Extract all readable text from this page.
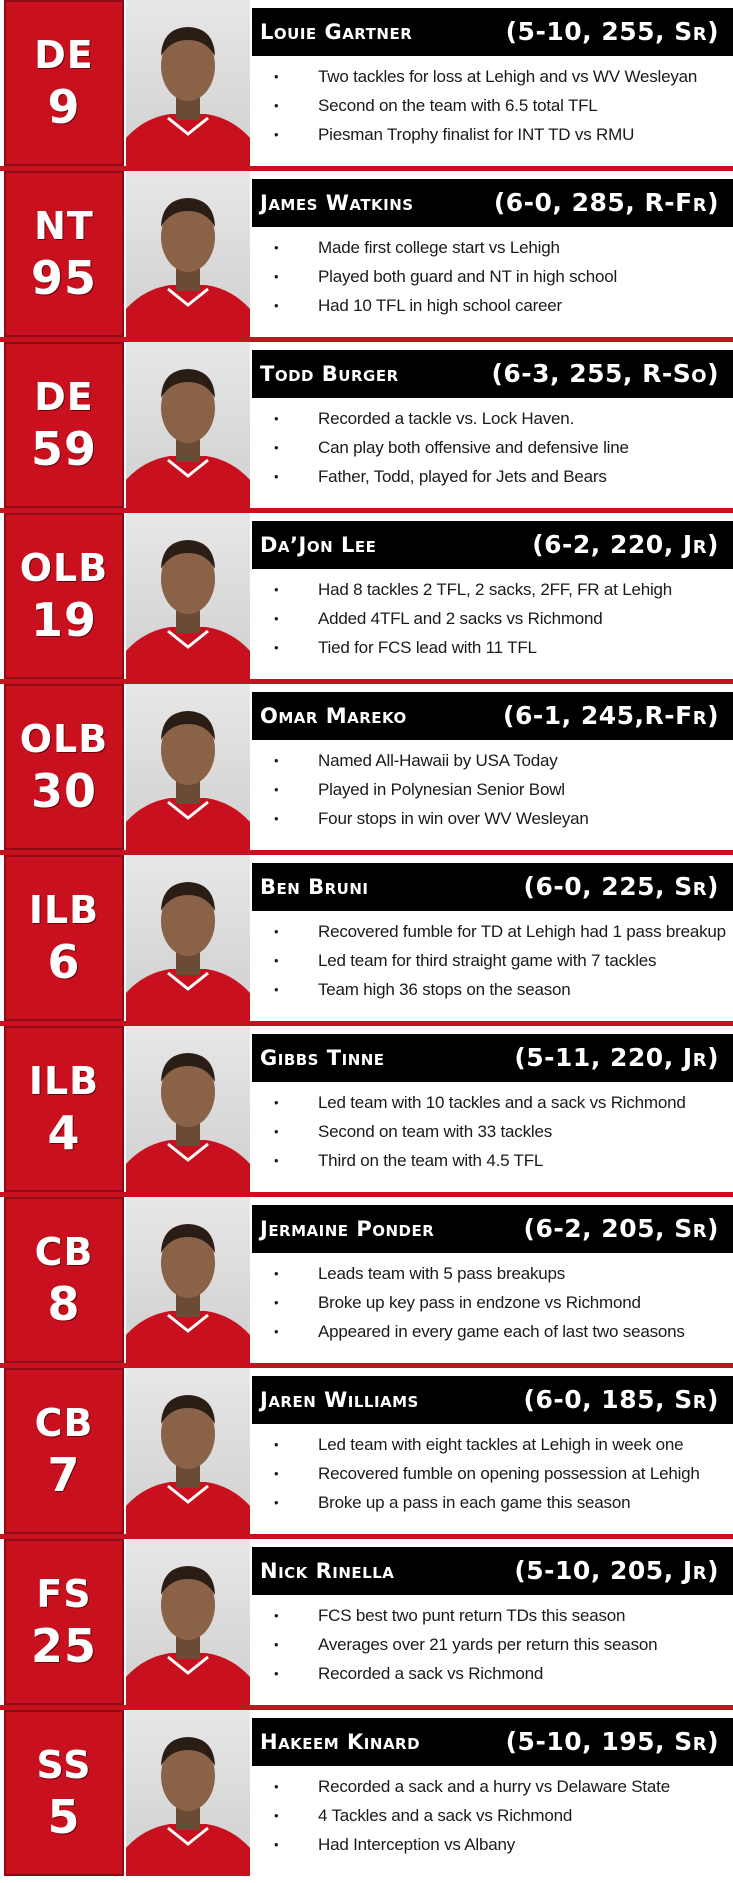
DE
9
Louie Gartner	(5-10, 255, Sr)
• Two tackles for loss at Lehigh and vs WV Wesleyan
• Second on the team with 6.5 total TFL
• Piesman Trophy finalist for INT TD vs RMU
NT
95
James Watkins	(6-0, 285, R-Fr)
• Made first college start vs Lehigh
• Played both guard and NT in high school
• Had 10 TFL in high school career
DE
59
Todd Burger	(6-3, 255, R-So)
• Recorded a tackle vs. Lock Haven.
• Can play both offensive and defensive line
• Father, Todd, played for Jets and Bears
OLB
19
Da’Jon Lee	(6-2, 220, Jr)
• Had 8 tackles 2 TFL, 2 sacks, 2FF, FR at Lehigh
• Added 4TFL and 2 sacks vs Richmond
• Tied for FCS lead with 11 TFL
OLB
30
Omar Mareko	(6-1, 245,R-Fr)
• Named All-Hawaii by USA Today
• Played in Polynesian Senior Bowl
• Four stops in win over WV Wesleyan
ILB
6
Ben Bruni	(6-0, 225, Sr)
• Recovered fumble for TD at Lehigh had 1 pass breakup
• Led team for third straight game with 7 tackles
• Team high 36 stops on the season
ILB
4
Gibbs Tinne	(5-11, 220, Jr)
• Led team with 10 tackles and a sack vs Richmond
• Second on team with 33 tackles
• Third on the team with 4.5 TFL
CB
8
Jermaine Ponder	(6-2, 205, Sr)
• Leads team with 5 pass breakups
• Broke up key pass in endzone vs Richmond
• Appeared in every game each of last two seasons
CB
7
Jaren Williams	(6-0, 185, Sr)
• Led team with eight tackles at Lehigh in week one
• Recovered fumble on opening possession at Lehigh
• Broke up a pass in each game this season
FS
25
Nick Rinella	(5-10, 205, Jr)
• FCS best two punt return TDs this season
• Averages over 21 yards per return this season
• Recorded a sack vs Richmond
SS
5
Hakeem Kinard	(5-10, 195, Sr)
• Recorded a sack and a hurry vs Delaware State
• 4 Tackles and a sack vs Richmond
• Had Interception vs Albany
